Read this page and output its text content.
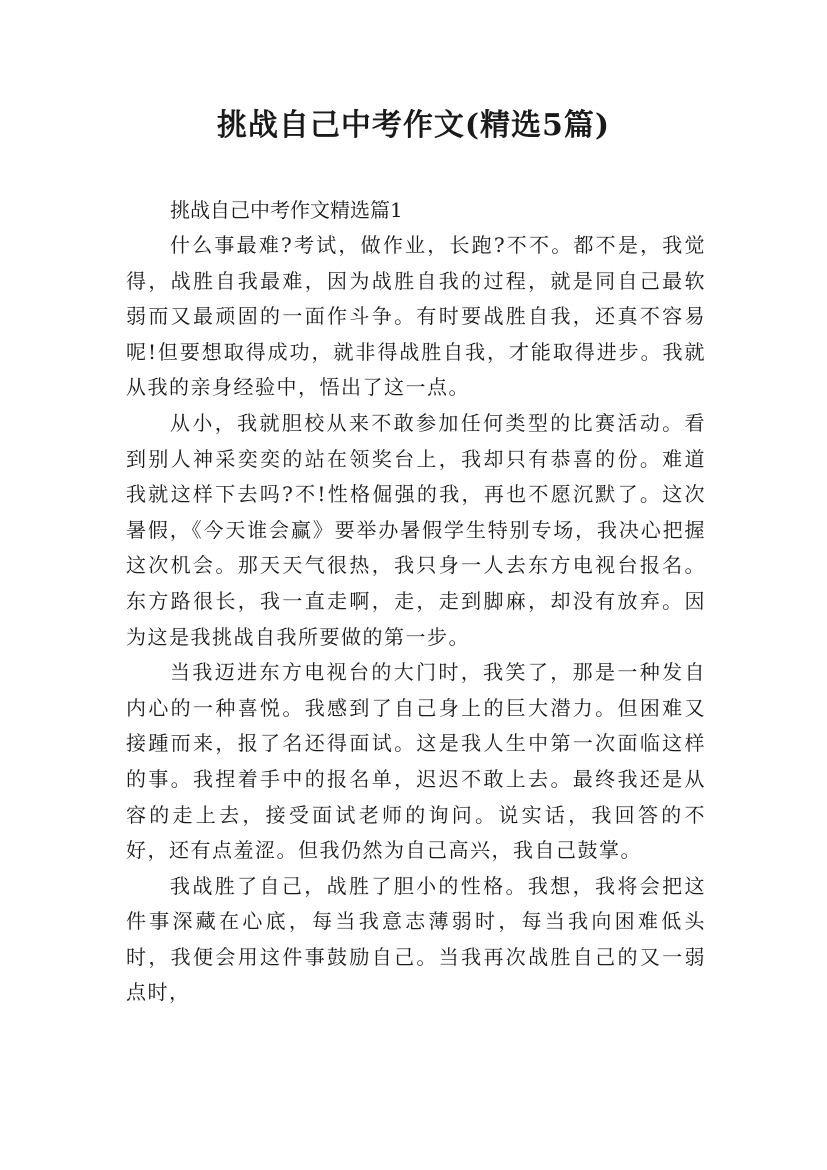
挑战自己中考作文(精选5篇)

挑战自己中考作文精选篇1

什么事最难?考试，做作业，长跑?不不。都不是，我觉得，战胜自我最难，因为战胜自我的过程，就是同自己最软弱而又最顽固的一面作斗争。有时要战胜自我，还真不容易呢!但要想取得成功，就非得战胜自我，才能取得进步。我就从我的亲身经验中，悟出了这一点。

从小，我就胆校从来不敢参加任何类型的比赛活动。看到别人神采奕奕的站在领奖台上，我却只有恭喜的份。难道我就这样下去吗?不!性格倔强的我，再也不愿沉默了。这次暑假，《今天谁会赢》要举办暑假学生特别专场，我决心把握这次机会。那天天气很热，我只身一人去东方电视台报名。东方路很长，我一直走啊，走，走到脚麻，却没有放弃。因为这是我挑战自我所要做的第一步。

当我迈进东方电视台的大门时，我笑了，那是一种发自内心的一种喜悦。我感到了自己身上的巨大潜力。但困难又接踵而来，报了名还得面试。这是我人生中第一次面临这样的事。我捏着手中的报名单，迟迟不敢上去。最终我还是从容的走上去，接受面试老师的询问。说实话，我回答的不好，还有点羞涩。但我仍然为自己高兴，我自己鼓掌。

我战胜了自己，战胜了胆小的性格。我想，我将会把这件事深藏在心底，每当我意志薄弱时，每当我向困难低头时，我便会用这件事鼓励自己。当我再次战胜自己的又一弱点时，
